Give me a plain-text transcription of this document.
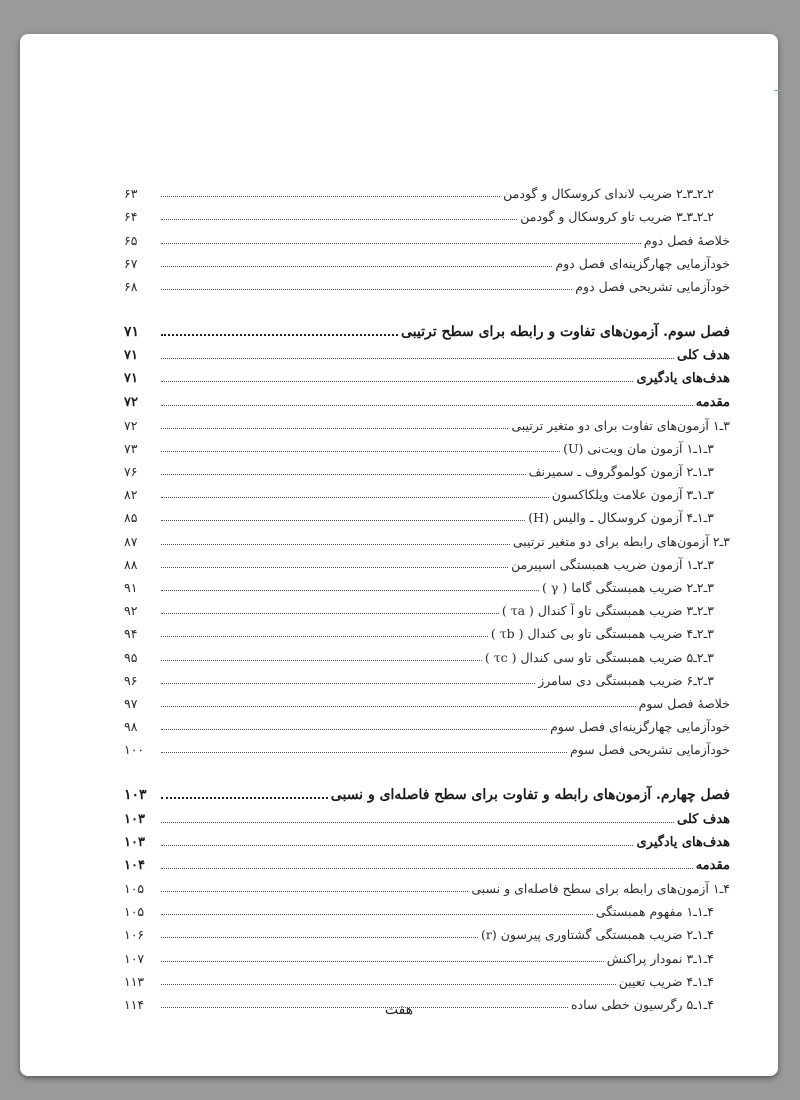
۲ـ۲ـ۳ـ۲ ضریب لاندای کروسکال و گودمن
۶۳
۲ـ۲ـ۳ـ۳ ضریب تاو کروسکال و گودمن
۶۴
خلاصهٔ فصل دوم
۶۵
خودآزمایی چهارگزینه‌ای فصل دوم
۶۷
خودآزمایی تشریحی فصل دوم
۶۸
فصل سوم. آزمون‌های تفاوت و رابطه برای سطح ترتیبی
۷۱
هدف کلی
۷۱
هدف‌های یادگیری
۷۱
مقدمه
۷۲
۳ـ۱ آزمون‌های تفاوت برای دو متغیر ترتیبی
۷۲
۳ـ۱ـ۱ آزمون مان ویت‌نی (U)
۷۳
۳ـ۱ـ۲ آزمون کولموگروف ـ سمیرنف
۷۶
۳ـ۱ـ۳ آزمون علامت ویلکاکسون
۸۲
۳ـ۱ـ۴ آزمون کروسکال ـ والیس (H)
۸۵
۳ـ۲ آزمون‌های رابطه برای دو متغیر ترتیبی
۸۷
۳ـ۲ـ۱ آزمون ضریب همبستگی اسپیرمن
۸۸
۳ـ۲ـ۲ ضریب همبستگی گاما ( γ )
۹۱
۳ـ۲ـ۳ ضریب همبستگی تاو آ کندال ( τa )
۹۲
۳ـ۲ـ۴ ضریب همبستگی تاو بی کندال ( τb )
۹۴
۳ـ۲ـ۵ ضریب همبستگی تاو سی کندال ( τc )
۹۵
۳ـ۲ـ۶ ضریب همبستگی دی سامرز
۹۶
خلاصهٔ فصل سوم
۹۷
خودآزمایی چهارگزینه‌ای فصل سوم
۹۸
خودآزمایی تشریحی فصل سوم
۱۰۰
فصل چهارم. آزمون‌های رابطه و تفاوت برای سطح فاصله‌ای و نسبی
۱۰۳
هدف کلی
۱۰۳
هدف‌های یادگیری
۱۰۳
مقدمه
۱۰۴
۴ـ۱ آزمون‌های رابطه برای سطح فاصله‌ای و نسبی
۱۰۵
۴ـ۱ـ۱ مفهوم همبستگی
۱۰۵
۴ـ۱ـ۲ ضریب همبستگی گشتاوری پیرسون (r)
۱۰۶
۴ـ۱ـ۳ نمودار پراکنش
۱۰۷
۴ـ۱ـ۴ ضریب تعیین
۱۱۳
۴ـ۱ـ۵ رگرسیون خطی ساده
۱۱۴	هفت
